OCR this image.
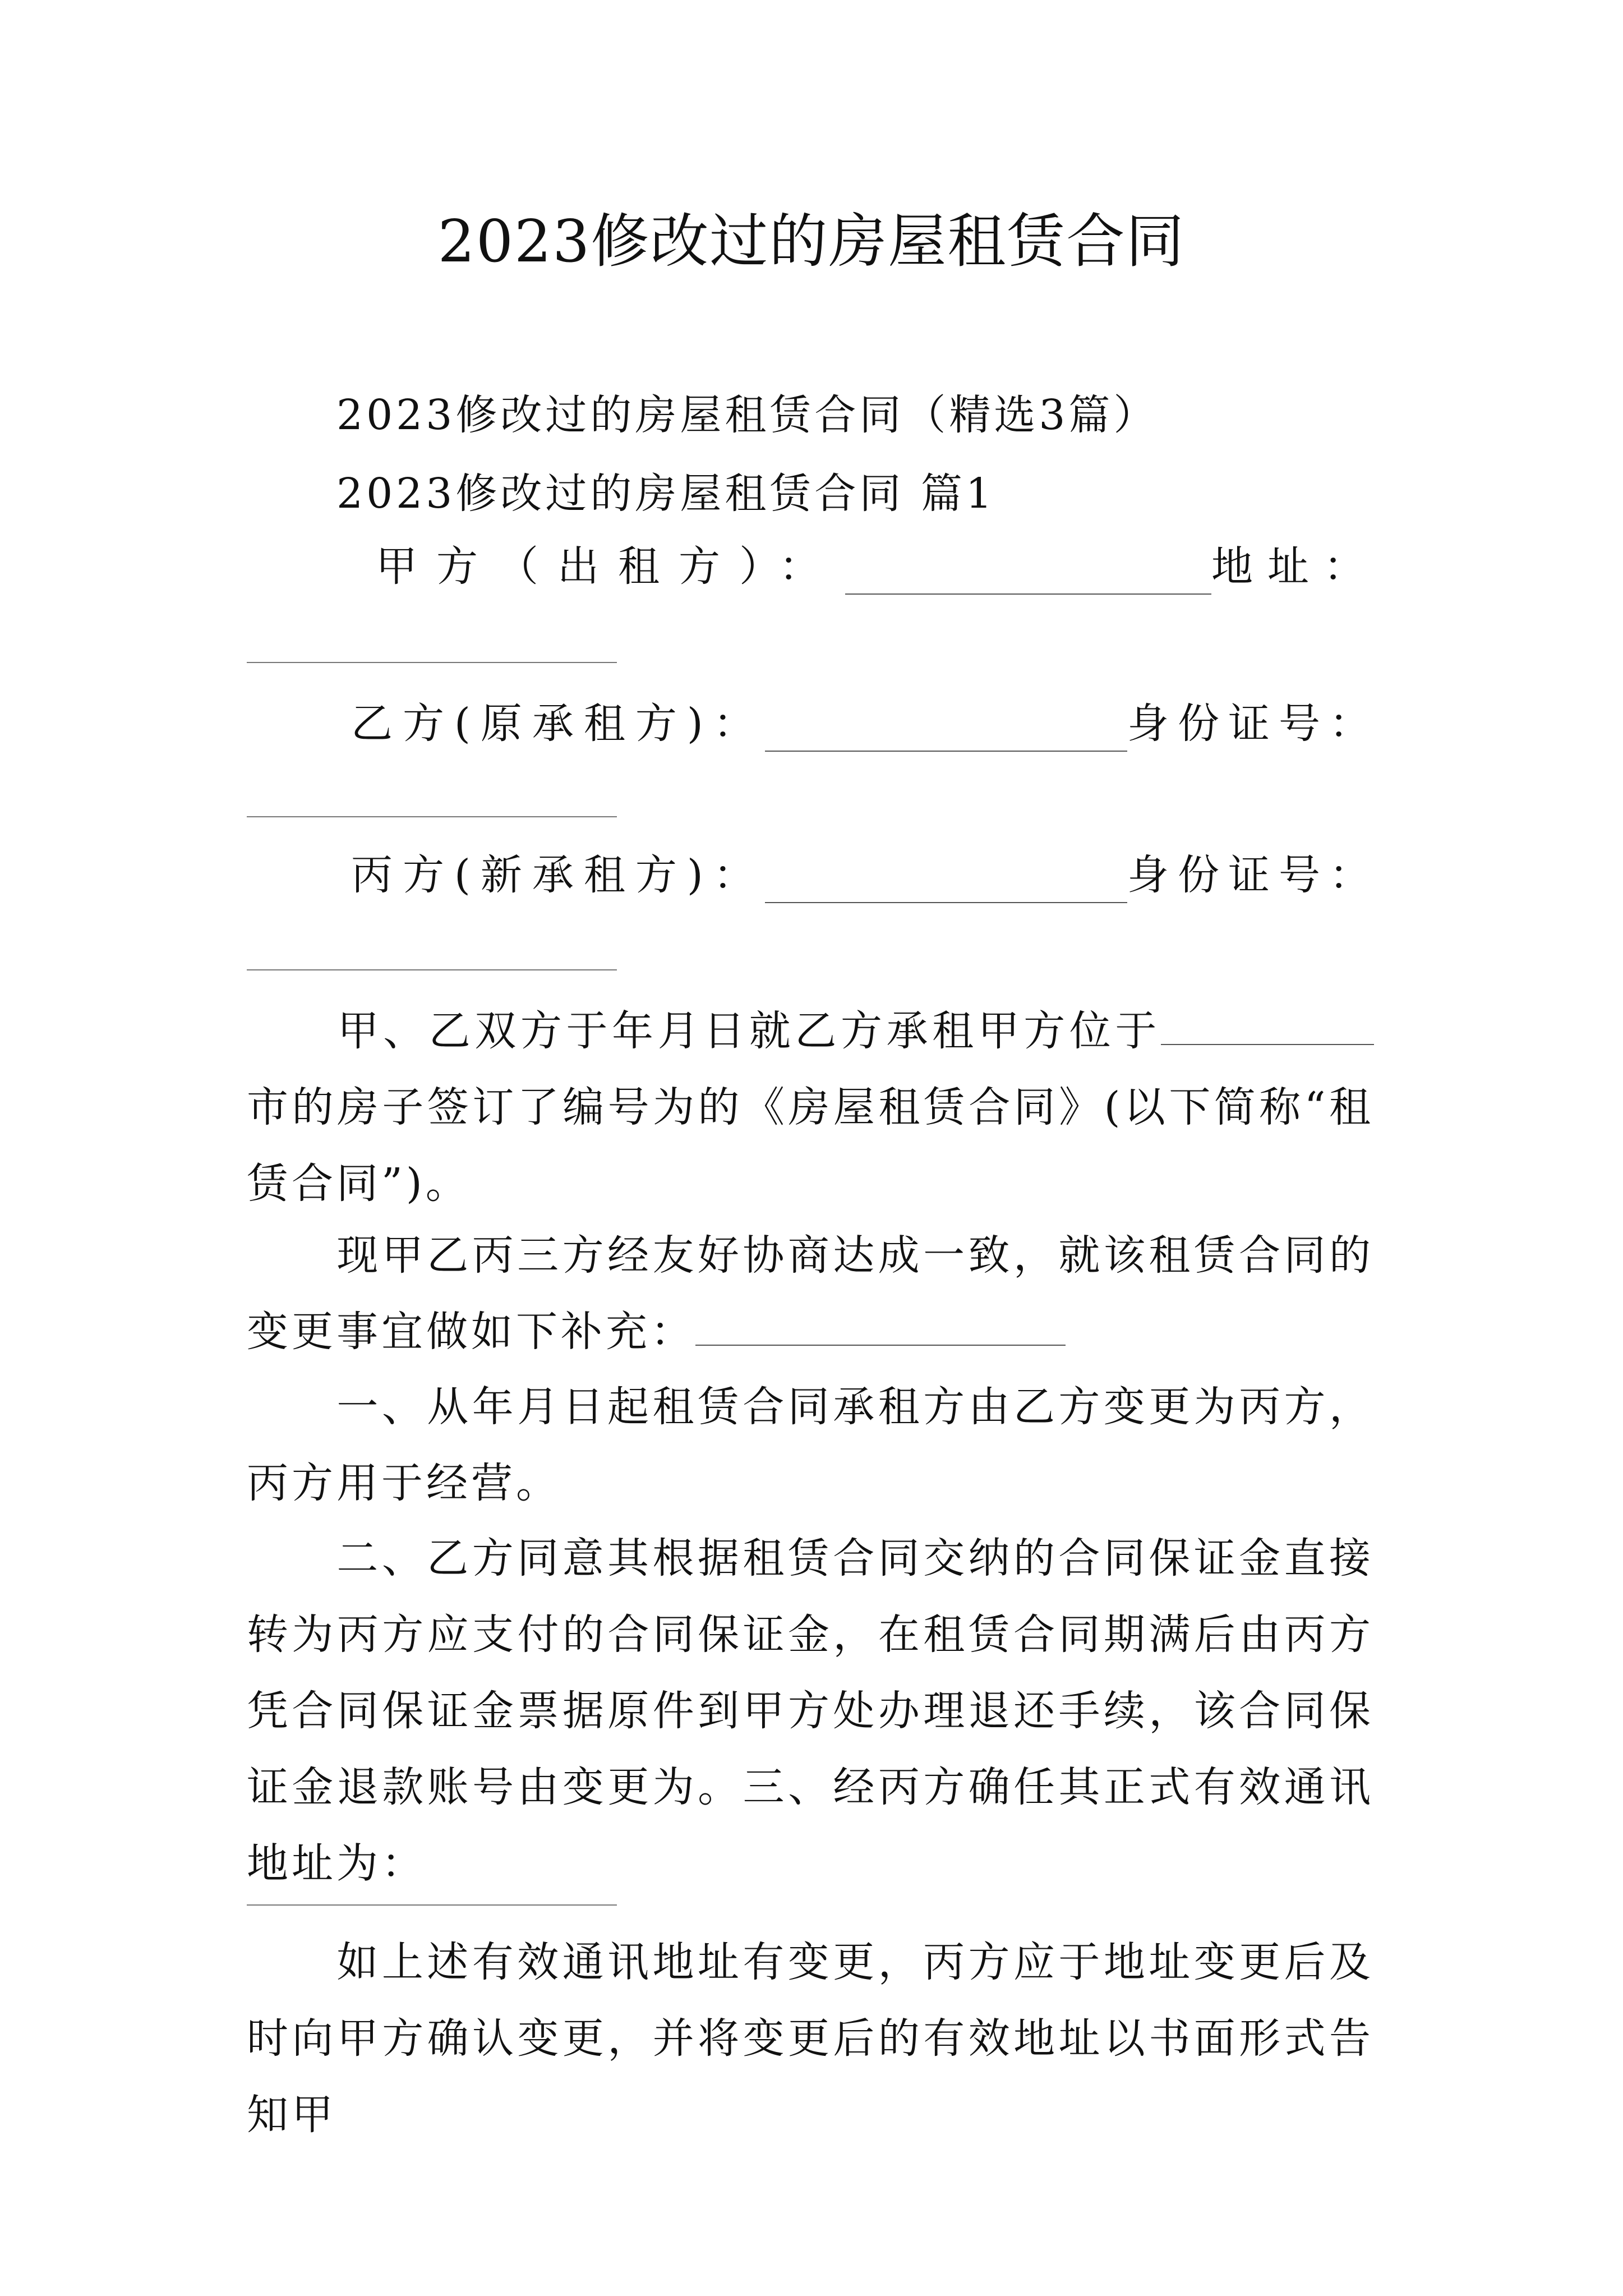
2023修改过的房屋租赁合同
2023修改过的房屋租赁合同（精选3篇）
2023修改过的房屋租赁合同 篇1
甲方（出租方）：	地址：
乙方(原承租方)：	身份证号：
丙方(新承租方)：	身份证号：
甲、乙双方于年月日就乙方承租甲方位于市的房子签订了编号为的《房屋租赁合同》(以下简称“租赁合同”)。
现甲乙丙三方经友好协商达成一致，就该租赁合同的变更事宜做如下补充：
一、从年月日起租赁合同承租方由乙方变更为丙方，丙方用于经营。
二、乙方同意其根据租赁合同交纳的合同保证金直接转为丙方应支付的合同保证金，在租赁合同期满后由丙方凭合同保证金票据原件到甲方处办理退还手续，该合同保证金退款账号由变更为。三、经丙方确任其正式有效通讯地址为：
如上述有效通讯地址有变更，丙方应于地址变更后及时向甲方确认变更，并将变更后的有效地址以书面形式告知甲
